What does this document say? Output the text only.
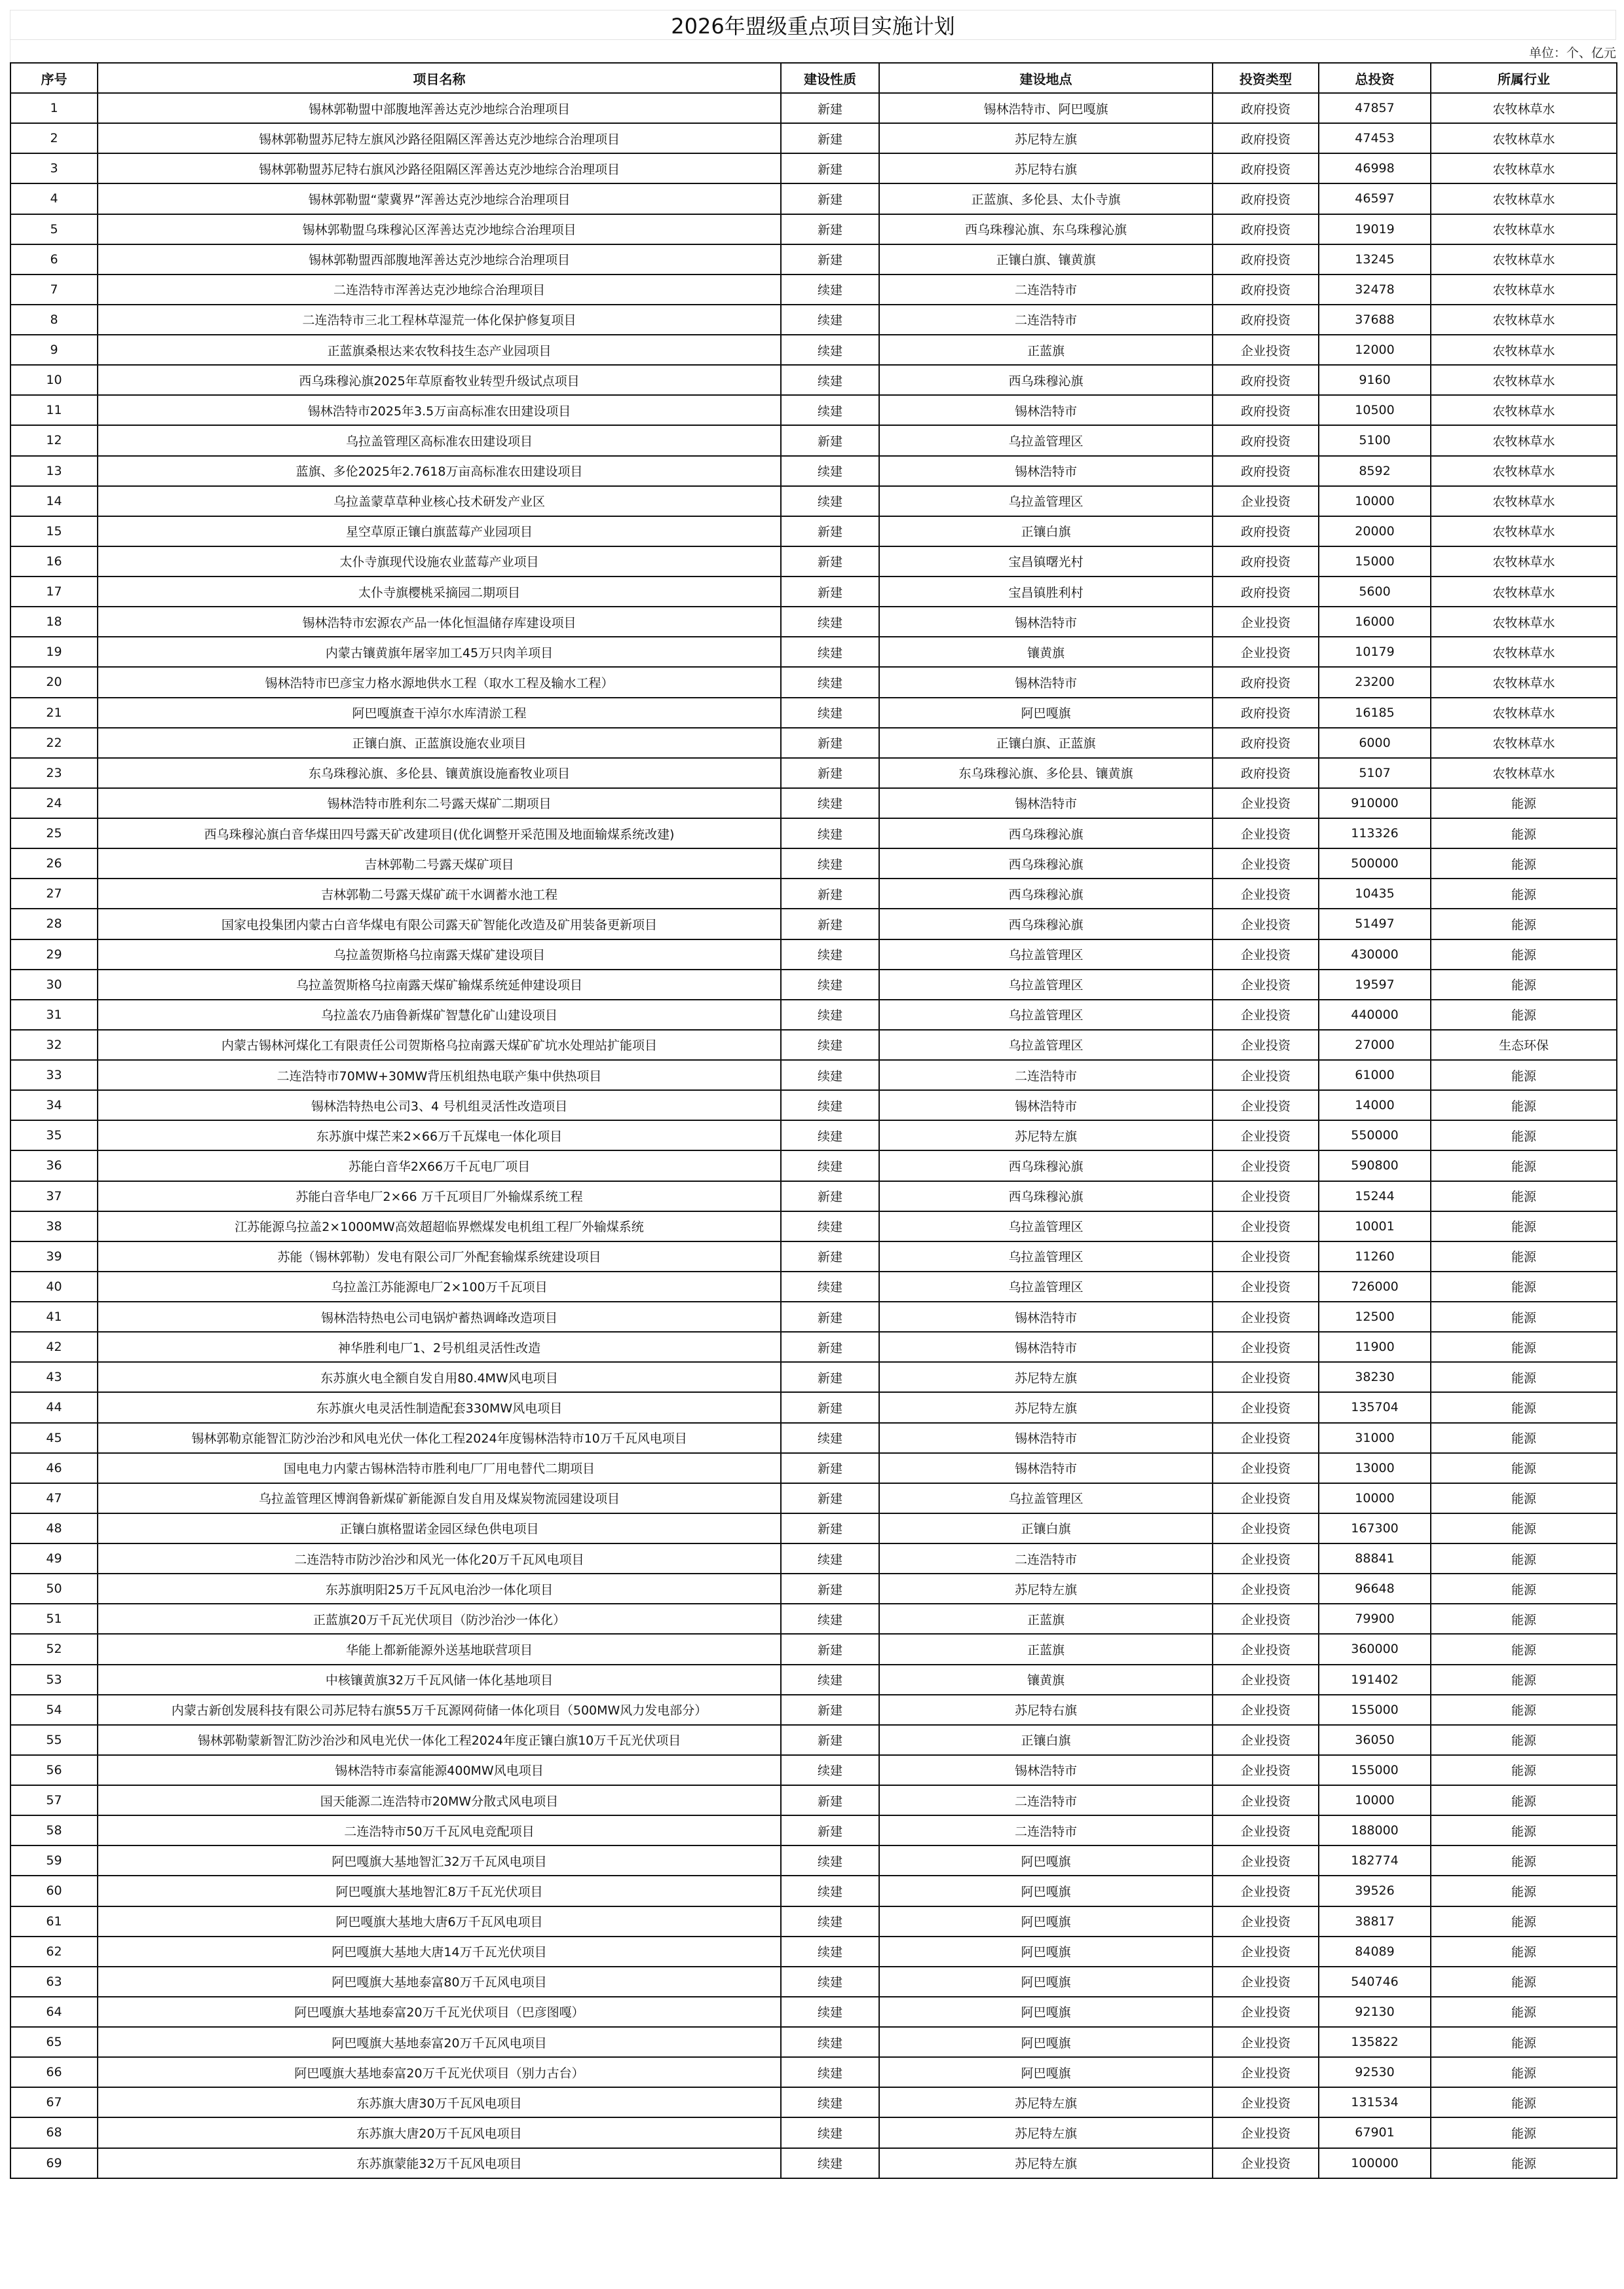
2026年盟级重点项目实施计划
单位：个、亿元
序号	项目名称	建设性质	建设地点	投资类型	总投资	所属行业
1	锡林郭勒盟中部腹地浑善达克沙地综合治理项目	新建	锡林浩特市、阿巴嘎旗	政府投资	47857	农牧林草水
2	锡林郭勒盟苏尼特左旗风沙路径阻隔区浑善达克沙地综合治理项目	新建	苏尼特左旗	政府投资	47453	农牧林草水
3	锡林郭勒盟苏尼特右旗风沙路径阻隔区浑善达克沙地综合治理项目	新建	苏尼特右旗	政府投资	46998	农牧林草水
4	锡林郭勒盟“蒙冀界”浑善达克沙地综合治理项目	新建	正蓝旗、多伦县、太仆寺旗	政府投资	46597	农牧林草水
5	锡林郭勒盟乌珠穆沁区浑善达克沙地综合治理项目	新建	西乌珠穆沁旗、东乌珠穆沁旗	政府投资	19019	农牧林草水
6	锡林郭勒盟西部腹地浑善达克沙地综合治理项目	新建	正镶白旗、镶黄旗	政府投资	13245	农牧林草水
7	二连浩特市浑善达克沙地综合治理项目	续建	二连浩特市	政府投资	32478	农牧林草水
8	二连浩特市三北工程林草湿荒一体化保护修复项目	续建	二连浩特市	政府投资	37688	农牧林草水
9	正蓝旗桑根达来农牧科技生态产业园项目	续建	正蓝旗	企业投资	12000	农牧林草水
10	西乌珠穆沁旗2025年草原畜牧业转型升级试点项目	续建	西乌珠穆沁旗	政府投资	9160	农牧林草水
11	锡林浩特市2025年3.5万亩高标准农田建设项目	续建	锡林浩特市	政府投资	10500	农牧林草水
12	乌拉盖管理区高标准农田建设项目	新建	乌拉盖管理区	政府投资	5100	农牧林草水
13	蓝旗、多伦2025年2.7618万亩高标准农田建设项目	续建	锡林浩特市	政府投资	8592	农牧林草水
14	乌拉盖蒙草草种业核心技术研发产业区	续建	乌拉盖管理区	企业投资	10000	农牧林草水
15	星空草原正镶白旗蓝莓产业园项目	新建	正镶白旗	政府投资	20000	农牧林草水
16	太仆寺旗现代设施农业蓝莓产业项目	新建	宝昌镇曙光村	政府投资	15000	农牧林草水
17	太仆寺旗樱桃采摘园二期项目	新建	宝昌镇胜利村	政府投资	5600	农牧林草水
18	锡林浩特市宏源农产品一体化恒温储存库建设项目	续建	锡林浩特市	企业投资	16000	农牧林草水
19	内蒙古镶黄旗年屠宰加工45万只肉羊项目	续建	镶黄旗	企业投资	10179	农牧林草水
20	锡林浩特市巴彦宝力格水源地供水工程（取水工程及输水工程）	续建	锡林浩特市	政府投资	23200	农牧林草水
21	阿巴嘎旗查干淖尔水库清淤工程	续建	阿巴嘎旗	政府投资	16185	农牧林草水
22	正镶白旗、正蓝旗设施农业项目	新建	正镶白旗、正蓝旗	政府投资	6000	农牧林草水
23	东乌珠穆沁旗、多伦县、镶黄旗设施畜牧业项目	新建	东乌珠穆沁旗、多伦县、镶黄旗	政府投资	5107	农牧林草水
24	锡林浩特市胜利东二号露天煤矿二期项目	续建	锡林浩特市	企业投资	910000	能源
25	西乌珠穆沁旗白音华煤田四号露天矿改建项目(优化调整开采范围及地面输煤系统改建)	续建	西乌珠穆沁旗	企业投资	113326	能源
26	吉林郭勒二号露天煤矿项目	续建	西乌珠穆沁旗	企业投资	500000	能源
27	吉林郭勒二号露天煤矿疏干水调蓄水池工程	新建	西乌珠穆沁旗	企业投资	10435	能源
28	国家电投集团内蒙古白音华煤电有限公司露天矿智能化改造及矿用装备更新项目	新建	西乌珠穆沁旗	企业投资	51497	能源
29	乌拉盖贺斯格乌拉南露天煤矿建设项目	续建	乌拉盖管理区	企业投资	430000	能源
30	乌拉盖贺斯格乌拉南露天煤矿输煤系统延伸建设项目	续建	乌拉盖管理区	企业投资	19597	能源
31	乌拉盖农乃庙鲁新煤矿智慧化矿山建设项目	续建	乌拉盖管理区	企业投资	440000	能源
32	内蒙古锡林河煤化工有限责任公司贺斯格乌拉南露天煤矿矿坑水处理站扩能项目	续建	乌拉盖管理区	企业投资	27000	生态环保
33	二连浩特市70MW+30MW背压机组热电联产集中供热项目	续建	二连浩特市	企业投资	61000	能源
34	锡林浩特热电公司3、4 号机组灵活性改造项目	续建	锡林浩特市	企业投资	14000	能源
35	东苏旗中煤芒来2×66万千瓦煤电一体化项目	续建	苏尼特左旗	企业投资	550000	能源
36	苏能白音华2X66万千瓦电厂项目	续建	西乌珠穆沁旗	企业投资	590800	能源
37	苏能白音华电厂2×66 万千瓦项目厂外输煤系统工程	新建	西乌珠穆沁旗	企业投资	15244	能源
38	江苏能源乌拉盖2×1000MW高效超超临界燃煤发电机组工程厂外输煤系统	续建	乌拉盖管理区	企业投资	10001	能源
39	苏能（锡林郭勒）发电有限公司厂外配套输煤系统建设项目	新建	乌拉盖管理区	企业投资	11260	能源
40	乌拉盖江苏能源电厂2×100万千瓦项目	续建	乌拉盖管理区	企业投资	726000	能源
41	锡林浩特热电公司电锅炉蓄热调峰改造项目	新建	锡林浩特市	企业投资	12500	能源
42	神华胜利电厂1、2号机组灵活性改造	新建	锡林浩特市	企业投资	11900	能源
43	东苏旗火电全额自发自用80.4MW风电项目	新建	苏尼特左旗	企业投资	38230	能源
44	东苏旗火电灵活性制造配套330MW风电项目	新建	苏尼特左旗	企业投资	135704	能源
45	锡林郭勒京能智汇防沙治沙和风电光伏一体化工程2024年度锡林浩特市10万千瓦风电项目	续建	锡林浩特市	企业投资	31000	能源
46	国电电力内蒙古锡林浩特市胜利电厂厂用电替代二期项目	新建	锡林浩特市	企业投资	13000	能源
47	乌拉盖管理区博润鲁新煤矿新能源自发自用及煤炭物流园建设项目	新建	乌拉盖管理区	企业投资	10000	能源
48	正镶白旗格盟诺金园区绿色供电项目	新建	正镶白旗	企业投资	167300	能源
49	二连浩特市防沙治沙和风光一体化20万千瓦风电项目	续建	二连浩特市	企业投资	88841	能源
50	东苏旗明阳25万千瓦风电治沙一体化项目	新建	苏尼特左旗	企业投资	96648	能源
51	正蓝旗20万千瓦光伏项目（防沙治沙一体化）	续建	正蓝旗	企业投资	79900	能源
52	华能上都新能源外送基地联营项目	新建	正蓝旗	企业投资	360000	能源
53	中核镶黄旗32万千瓦风储一体化基地项目	续建	镶黄旗	企业投资	191402	能源
54	内蒙古新创发展科技有限公司苏尼特右旗55万千瓦源网荷储一体化项目（500MW风力发电部分）	新建	苏尼特右旗	企业投资	155000	能源
55	锡林郭勒蒙新智汇防沙治沙和风电光伏一体化工程2024年度正镶白旗10万千瓦光伏项目	新建	正镶白旗	企业投资	36050	能源
56	锡林浩特市泰富能源400MW风电项目	续建	锡林浩特市	企业投资	155000	能源
57	国天能源二连浩特市20MW分散式风电项目	新建	二连浩特市	企业投资	10000	能源
58	二连浩特市50万千瓦风电竞配项目	新建	二连浩特市	企业投资	188000	能源
59	阿巴嘎旗大基地智汇32万千瓦风电项目	续建	阿巴嘎旗	企业投资	182774	能源
60	阿巴嘎旗大基地智汇8万千瓦光伏项目	续建	阿巴嘎旗	企业投资	39526	能源
61	阿巴嘎旗大基地大唐6万千瓦风电项目	续建	阿巴嘎旗	企业投资	38817	能源
62	阿巴嘎旗大基地大唐14万千瓦光伏项目	续建	阿巴嘎旗	企业投资	84089	能源
63	阿巴嘎旗大基地泰富80万千瓦风电项目	续建	阿巴嘎旗	企业投资	540746	能源
64	阿巴嘎旗大基地泰富20万千瓦光伏项目（巴彦图嘎）	续建	阿巴嘎旗	企业投资	92130	能源
65	阿巴嘎旗大基地泰富20万千瓦风电项目	续建	阿巴嘎旗	企业投资	135822	能源
66	阿巴嘎旗大基地泰富20万千瓦光伏项目（别力古台）	续建	阿巴嘎旗	企业投资	92530	能源
67	东苏旗大唐30万千瓦风电项目	续建	苏尼特左旗	企业投资	131534	能源
68	东苏旗大唐20万千瓦风电项目	续建	苏尼特左旗	企业投资	67901	能源
69	东苏旗蒙能32万千瓦风电项目	续建	苏尼特左旗	企业投资	100000	能源
